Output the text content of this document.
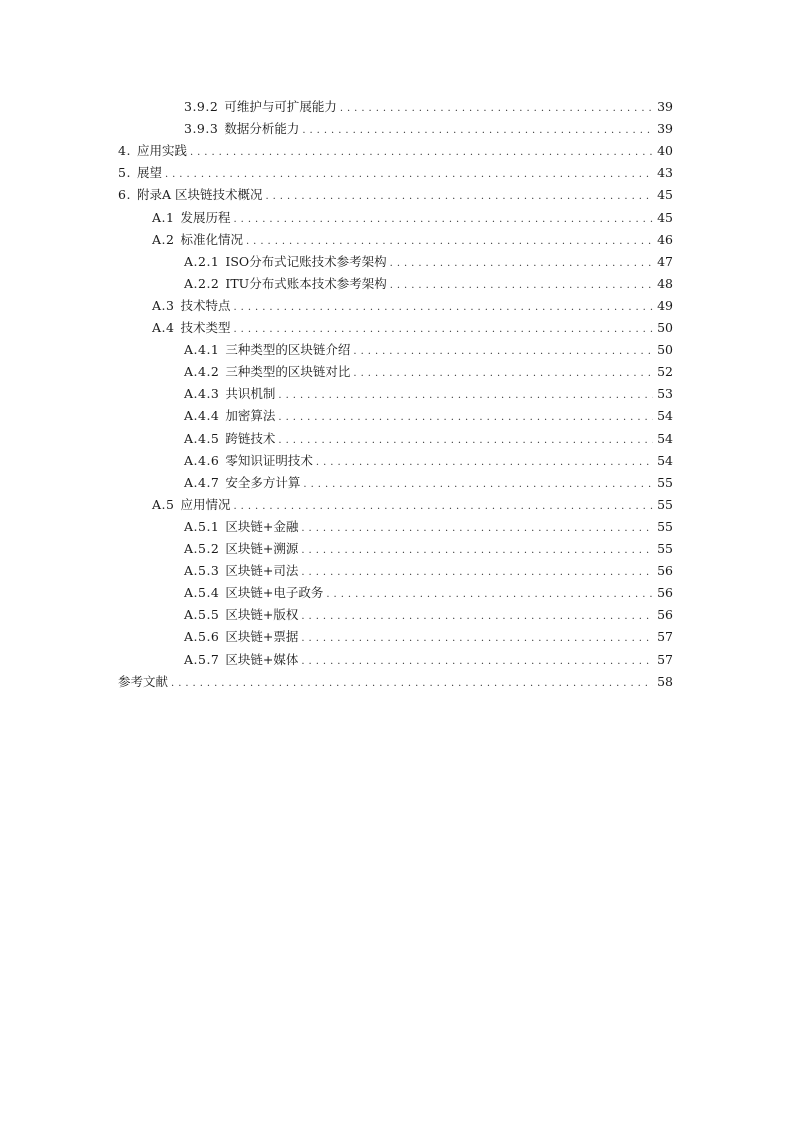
3.9.2 可维护与可扩展能力 .....	39
3.9.3 数据分析能力 .....	39
4. 应用实践 .....	40
5. 展望 .....	43
6. 附录A 区块链技术概况 .....	45
A.1 发展历程 .....	45
A.2 标准化情况 .....	46
A.2.1 ISO分布式记账技术参考架构 .....	47
A.2.2 ITU分布式账本技术参考架构 .....	48
A.3 技术特点 .....	49
A.4 技术类型 .....	50
A.4.1 三种类型的区块链介绍 .....	50
A.4.2 三种类型的区块链对比 .....	52
A.4.3 共识机制 .....	53
A.4.4 加密算法 .....	54
A.4.5 跨链技术 .....	54
A.4.6 零知识证明技术 .....	54
A.4.7 安全多方计算 .....	55
A.5 应用情况 .....	55
A.5.1 区块链+金融 .....	55
A.5.2 区块链+溯源 .....	55
A.5.3 区块链+司法 .....	56
A.5.4 区块链+电子政务 .....	56
A.5.5 区块链+版权 .....	56
A.5.6 区块链+票据 .....	57
A.5.7 区块链+媒体 .....	57
参考文献 .....	58
